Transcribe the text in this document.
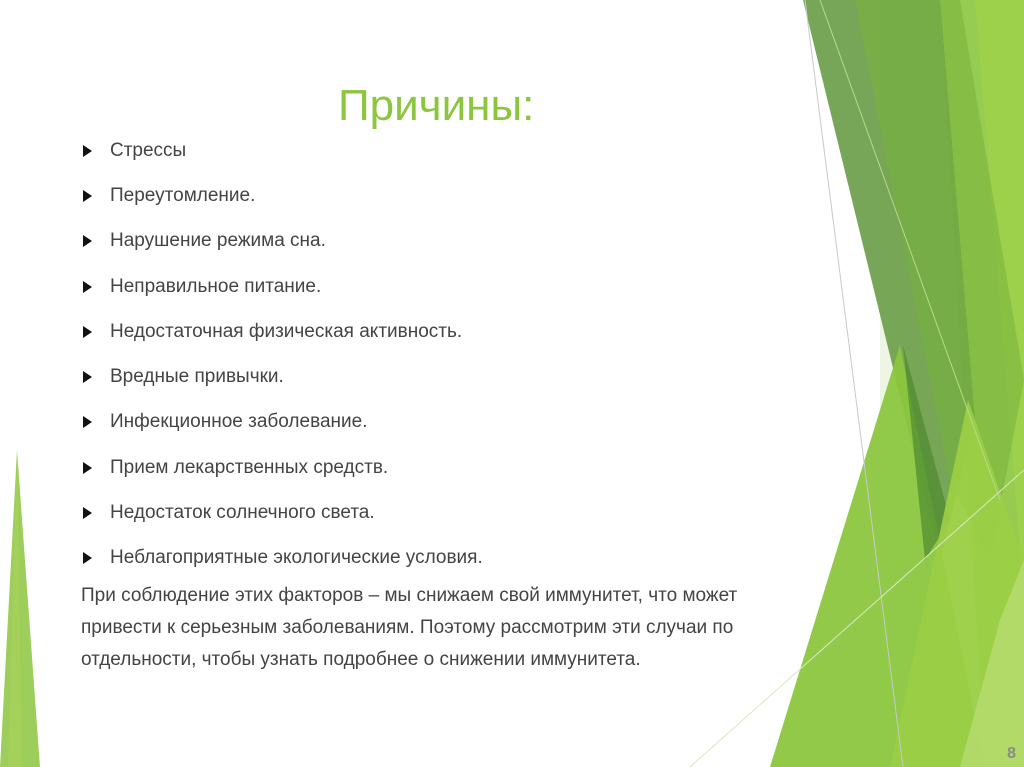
Причины:
Стрессы
Переутомление.
Нарушение режима сна.
Неправильное питание.
Недостаточная физическая активность.
Вредные привычки.
Инфекционное заболевание.
Прием лекарственных средств.
Недостаток солнечного света.
Неблагоприятные экологические условия.
При соблюдение этих факторов – мы снижаем свой иммунитет, что может привести к серьезным заболеваниям. Поэтому рассмотрим эти случаи по отдельности, чтобы узнать подробнее о снижении иммунитета.
8
